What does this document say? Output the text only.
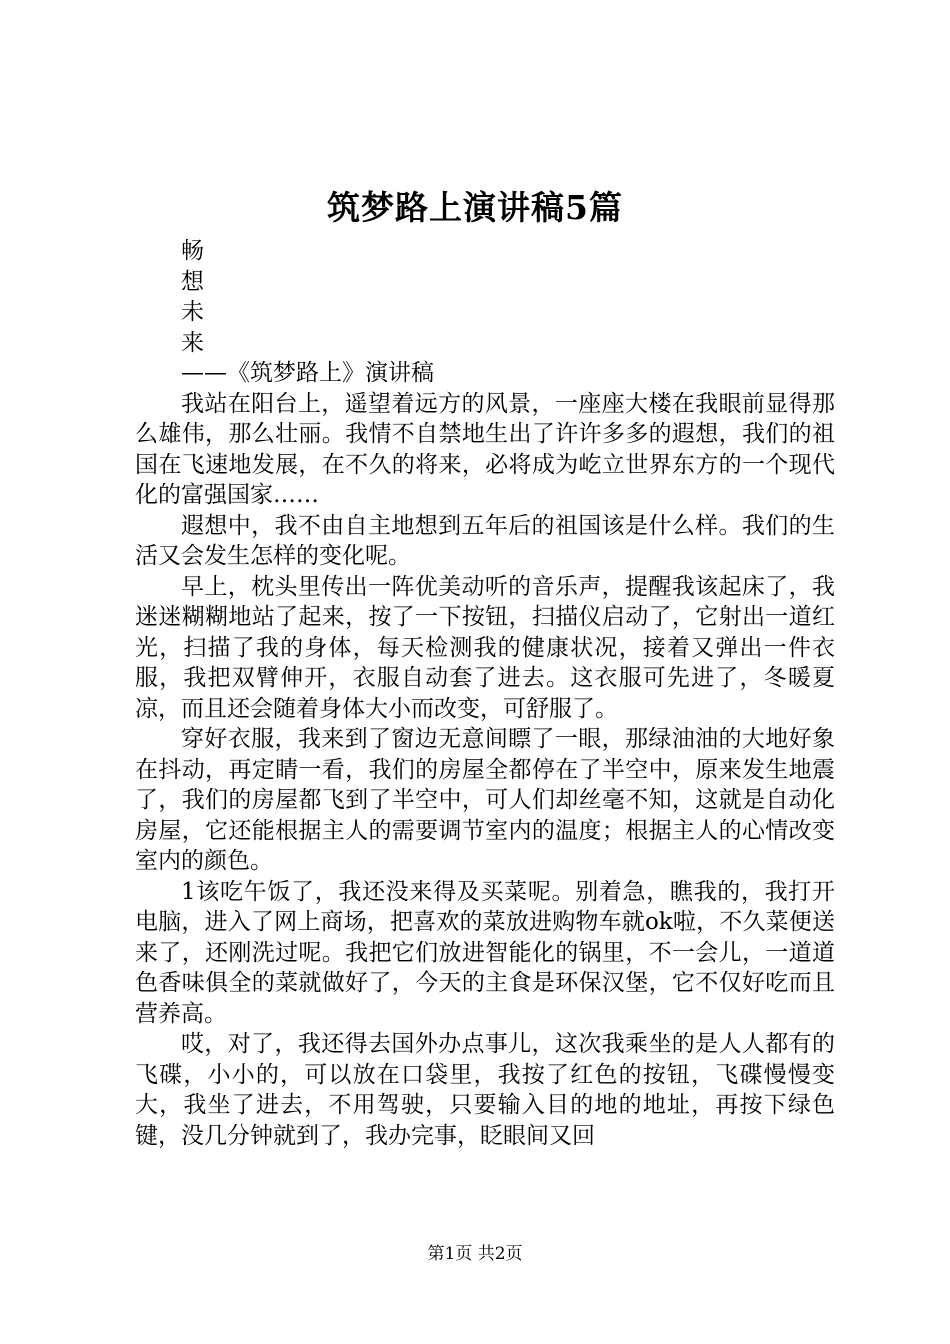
筑梦路上演讲稿5篇
畅
想
未
来
——《筑梦路上》演讲稿

我站在阳台上，遥望着远方的风景，一座座大楼在我眼前显得那么雄伟，那么壮丽。我情不自禁地生出了许许多多的遐想，我们的祖国在飞速地发展，在不久的将来，必将成为屹立世界东方的一个现代化的富强国家……

遐想中，我不由自主地想到五年后的祖国该是什么样。我们的生活又会发生怎样的变化呢。

早上，枕头里传出一阵优美动听的音乐声，提醒我该起床了，我迷迷糊糊地站了起来，按了一下按钮，扫描仪启动了，它射出一道红光，扫描了我的身体，每天检测我的健康状况，接着又弹出一件衣服，我把双臂伸开，衣服自动套了进去。这衣服可先进了，冬暖夏凉，而且还会随着身体大小而改变，可舒服了。

穿好衣服，我来到了窗边无意间瞟了一眼，那绿油油的大地好象在抖动，再定睛一看，我们的房屋全都停在了半空中，原来发生地震了，我们的房屋都飞到了半空中，可人们却丝毫不知，这就是自动化房屋，它还能根据主人的需要调节室内的温度；根据主人的心情改变室内的颜色。

1该吃午饭了，我还没来得及买菜呢。别着急，瞧我的，我打开电脑，进入了网上商场，把喜欢的菜放进购物车就ok啦，不久菜便送来了，还刚洗过呢。我把它们放进智能化的锅里，不一会儿，一道道色香味俱全的菜就做好了，今天的主食是环保汉堡，它不仅好吃而且营养高。

哎，对了，我还得去国外办点事儿，这次我乘坐的是人人都有的飞碟，小小的，可以放在口袋里，我按了红色的按钮，飞碟慢慢变大，我坐了进去，不用驾驶，只要输入目的地的地址，再按下绿色键，没几分钟就到了，我办完事，眨眼间又回

第1页 共2页
